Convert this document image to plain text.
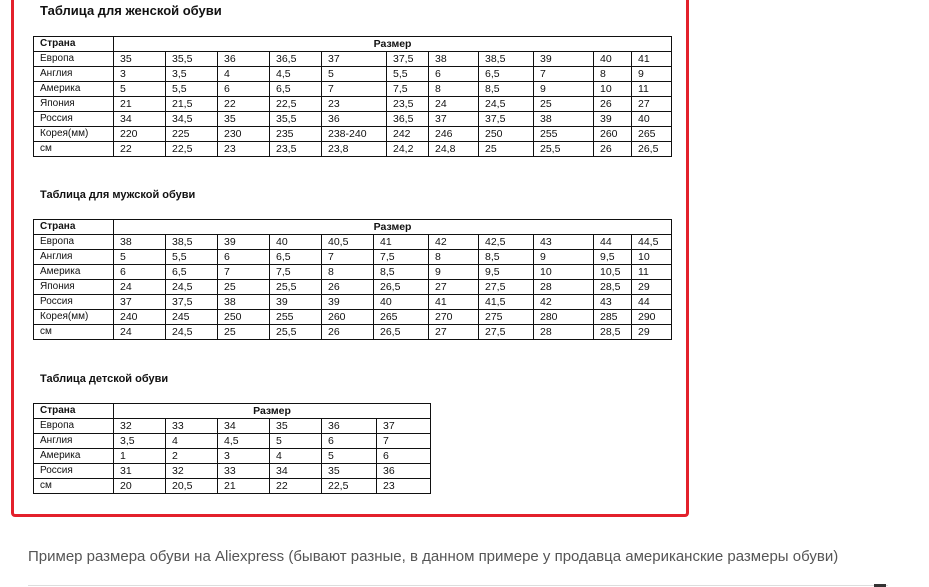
Таблица для женской обуви
Страна	Размер										
Европа	35	35,5	36	36,5	37	37,5	38	38,5	39	40	41
Англия	3	3,5	4	4,5	5	5,5	6	6,5	7	8	9
Америка	5	5,5	6	6,5	7	7,5	8	8,5	9	10	11
Япония	21	21,5	22	22,5	23	23,5	24	24,5	25	26	27
Россия	34	34,5	35	35,5	36	36,5	37	37,5	38	39	40
Корея(мм)	220	225	230	235	238-240	242	246	250	255	260	265
см	22	22,5	23	23,5	23,8	24,2	24,8	25	25,5	26	26,5
Таблица для мужской обуви
Страна	Размер										
Европа	38	38,5	39	40	40,5	41	42	42,5	43	44	44,5
Англия	5	5,5	6	6,5	7	7,5	8	8,5	9	9,5	10
Америка	6	6,5	7	7,5	8	8,5	9	9,5	10	10,5	11
Япония	24	24,5	25	25,5	26	26,5	27	27,5	28	28,5	29
Россия	37	37,5	38	39	39	40	41	41,5	42	43	44
Корея(мм)	240	245	250	255	260	265	270	275	280	285	290
см	24	24,5	25	25,5	26	26,5	27	27,5	28	28,5	29
Таблица детской обуви
Страна	Размер					
Европа	32	33	34	35	36	37
Англия	3,5	4	4,5	5	6	7
Америка	1	2	3	4	5	6
Россия	31	32	33	34	35	36
см	20	20,5	21	22	22,5	23
Пример размера обуви на Aliexpress (бывают разные, в данном примере у продавца американские размеры обуви)
